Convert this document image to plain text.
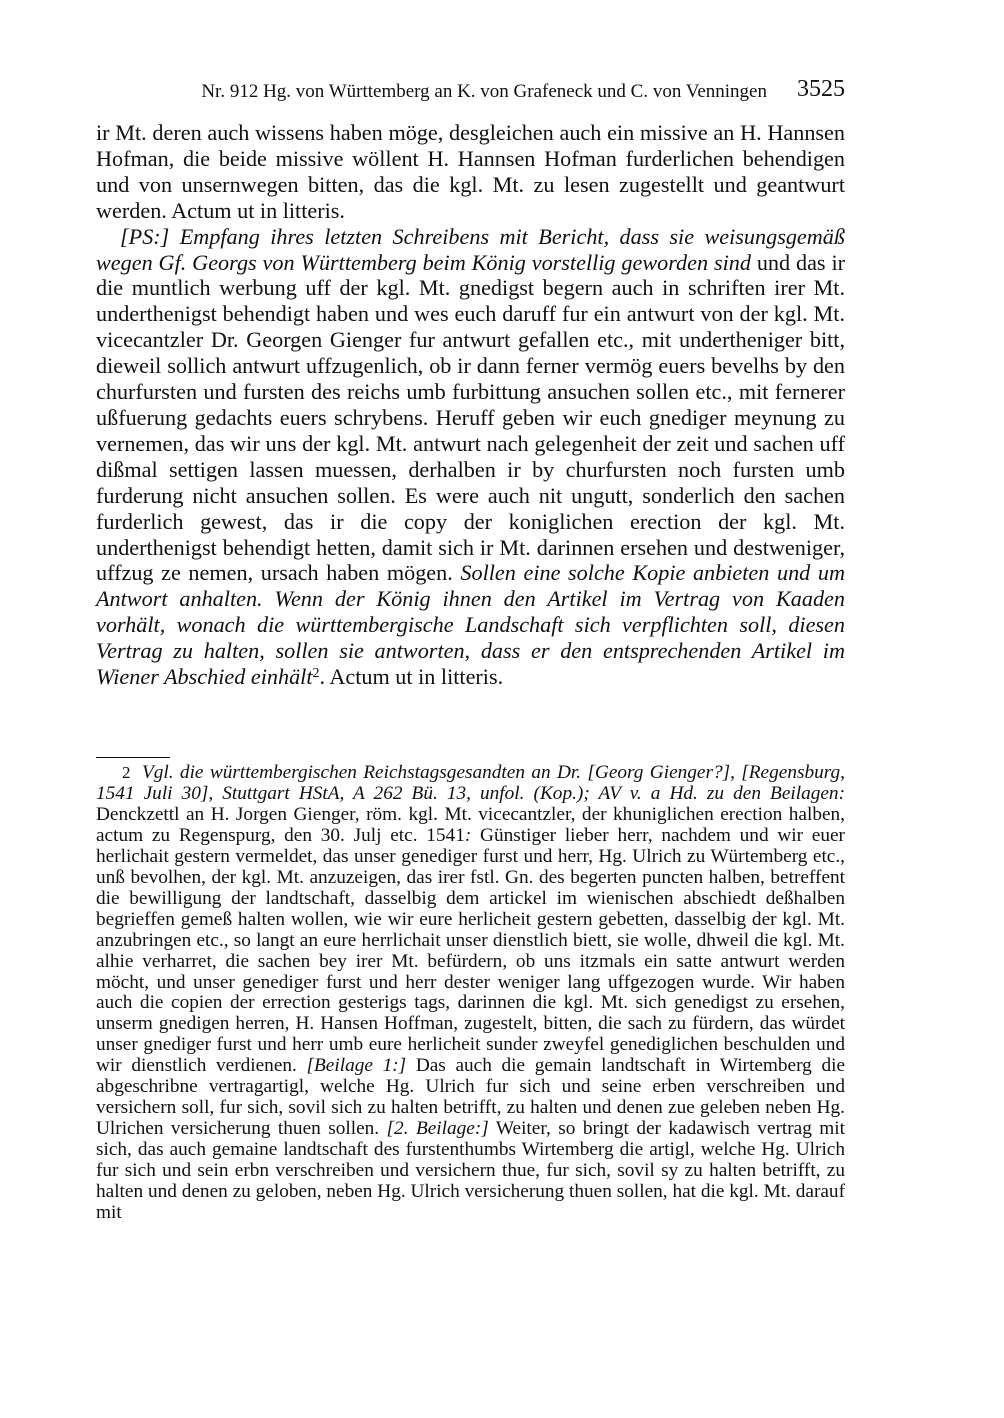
Nr. 912 Hg. von Württemberg an K. von Grafeneck und C. von Venningen 3525

ir Mt. deren auch wissens haben möge, desgleichen auch ein missive an H. Hannsen Hofman, die beide missive wöllent H. Hannsen Hofman furderlichen behendigen und von unsernwegen bitten, das die kgl. Mt. zu lesen zugestellt und geantwurt werden. Actum ut in litteris.

[PS:] Empfang ihres letzten Schreibens mit Bericht, dass sie weisungsgemäß wegen Gf. Georgs von Württemberg beim König vorstellig geworden sind und das ir die muntlich werbung uff der kgl. Mt. gnedigst begern auch in schriften irer Mt. underthenigst behendigt haben und wes euch daruff fur ein antwurt von der kgl. Mt. vicecantzler Dr. Georgen Gienger fur antwurt gefallen etc., mit undertheniger bitt, dieweil sollich antwurt uffzugenlich, ob ir dann ferner vermög euers bevelhs by den churfursten und fursten des reichs umb furbittung ansuchen sollen etc., mit fernerer ußfuerung gedachts euers schrybens. Heruff geben wir euch gnediger meynung zu vernemen, das wir uns der kgl. Mt. antwurt nach gelegenheit der zeit und sachen uff dißmal settigen lassen muessen, derhalben ir by churfursten noch fursten umb furderung nicht ansuchen sollen. Es were auch nit ungutt, sonderlich den sachen furderlich gewest, das ir die copy der koniglichen erection der kgl. Mt. underthenigst behendigt hetten, damit sich ir Mt. darinnen ersehen und destweniger, uffzug ze nemen, ursach haben mögen. Sollen eine solche Kopie anbieten und um Antwort anhalten. Wenn der König ihnen den Artikel im Vertrag von Kaaden vorhält, wonach die württembergische Landschaft sich verpflichten soll, diesen Vertrag zu halten, sollen sie antworten, dass er den entsprechenden Artikel im Wiener Abschied einhält$^2$. Actum ut in litteris.

2 Vgl. die württembergischen Reichstagsgesandten an Dr. [Georg Gienger?], [Regensburg, 1541 Juli 30], Stuttgart HStA, A 262 Bü. 13, unfol. (Kop.); AV v. a Hd. zu den Beilagen: Denckzettl an H. Jorgen Gienger, röm. kgl. Mt. vicecantzler, der khuniglichen erection halben, actum zu Regenspurg, den 30. Julj etc. 1541: Günstiger lieber herr, nachdem und wir euer herlichait gestern vermeldet, das unser genediger furst und herr, Hg. Ulrich zu Würtemberg etc., unß bevolhen, der kgl. Mt. anzuzeigen, das irer fstl. Gn. des begerten puncten halben, betreffent die bewilligung der landtschaft, dasselbig dem artickel im wienischen abschiedt deßhalben begrieffen gemeß halten wollen, wie wir eure herlicheit gestern gebetten, dasselbig der kgl. Mt. anzubringen etc., so langt an eure herrlichait unser dienstlich biett, sie wolle, dhweil die kgl. Mt. alhie verharret, die sachen bey irer Mt. befürdern, ob uns itzmals ein satte antwurt werden möcht, und unser genediger furst und herr dester weniger lang uffgezogen wurde. Wir haben auch die copien der errection gesterigs tags, darinnen die kgl. Mt. sich genedigst zu ersehen, unserm gnedigen herren, H. Hansen Hoffman, zugestelt, bitten, die sach zu fürdern, das würdet unser gnediger furst und herr umb eure herlicheit sunder zweyfel genediglichen beschulden und wir dienstlich verdienen. [Beilage 1:] Das auch die gemain landtschaft in Wirtemberg die abgeschribne vertragartigl, welche Hg. Ulrich fur sich und seine erben verschreiben und versichern soll, fur sich, sovil sich zu halten betrifft, zu halten und denen zue geleben neben Hg. Ulrichen versicherung thuen sollen. [2. Beilage:] Weiter, so bringt der kadawisch vertrag mit sich, das auch gemaine landtschaft des furstenthumbs Wirtemberg die artigl, welche Hg. Ulrich fur sich und sein erbn verschreiben und versichern thue, fur sich, sovil sy zu halten betrifft, zu halten und denen zu geloben, neben Hg. Ulrich versicherung thuen sollen, hat die kgl. Mt. darauf mit
